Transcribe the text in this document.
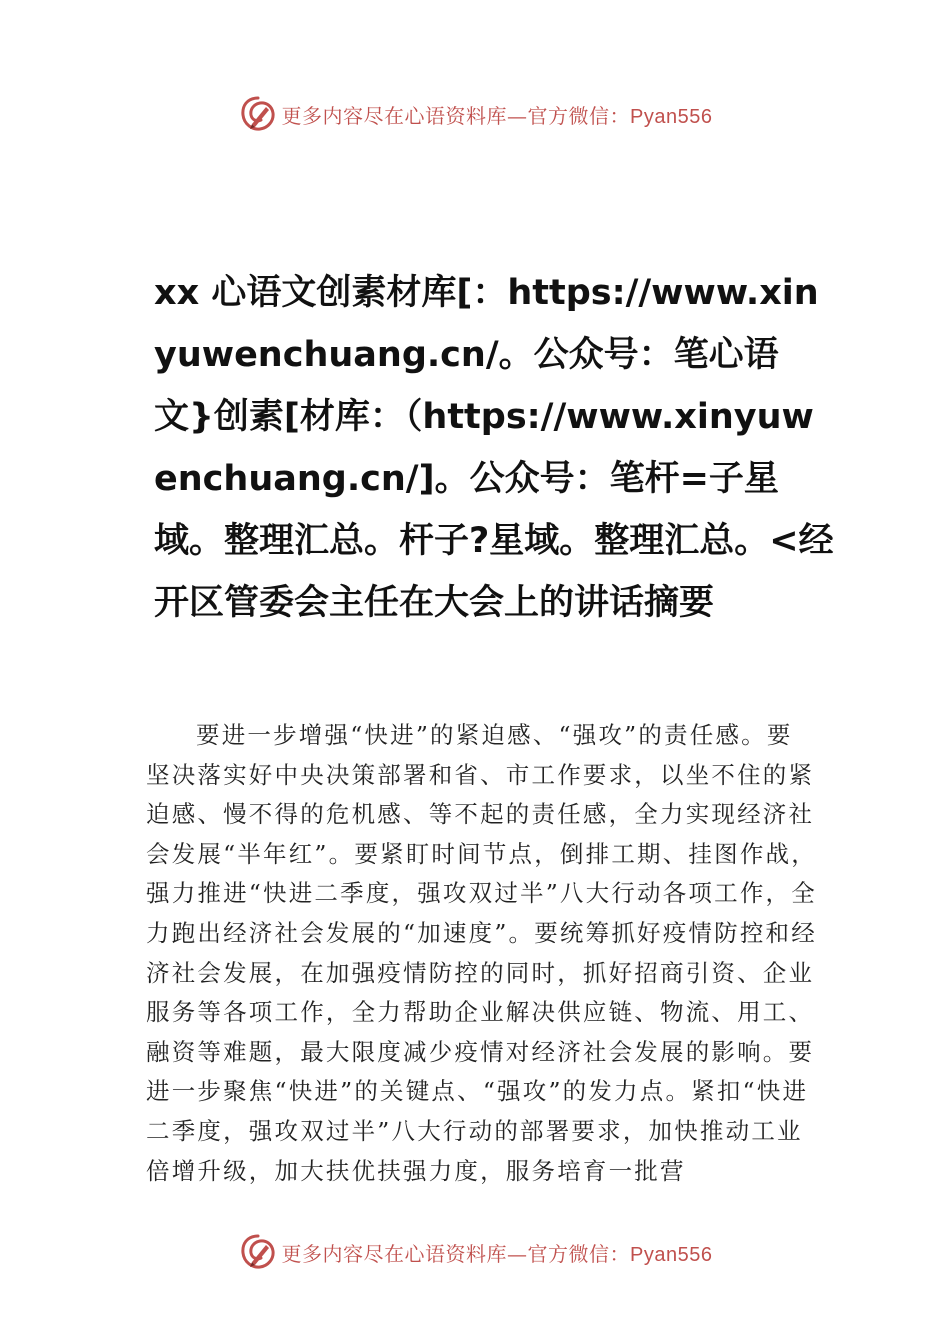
更多内容尽在心语资料库—官方微信：Pyan556
xx 心语文创素材库[：https://www.xinyuwenchuang.cn/。公众号：笔心语文}创素[材库：（https://www.xinyuwenchuang.cn/]。公众号：笔杆=子星域。整理汇总。杆子?星域。整理汇总。<经开区管委会主任在大会上的讲话摘要

要进一步增强“快进”的紧迫感、“强攻”的责任感。要坚决落实好中央决策部署和省、市工作要求，以坐不住的紧迫感、慢不得的危机感、等不起的责任感，全力实现经济社会发展“半年红”。要紧盯时间节点，倒排工期、挂图作战，强力推进“快进二季度，强攻双过半”八大行动各项工作，全力跑出经济社会发展的“加速度”。要统筹抓好疫情防控和经济社会发展，在加强疫情防控的同时，抓好招商引资、企业服务等各项工作，全力帮助企业解决供应链、物流、用工、融资等难题，最大限度减少疫情对经济社会发展的影响。要进一步聚焦“快进”的关键点、“强攻”的发力点。紧扣“快进二季度，强攻双过半”八大行动的部署要求，加快推动工业倍增升级，加大扶优扶强力度，服务培育一批营

更多内容尽在心语资料库—官方微信：Pyan556
